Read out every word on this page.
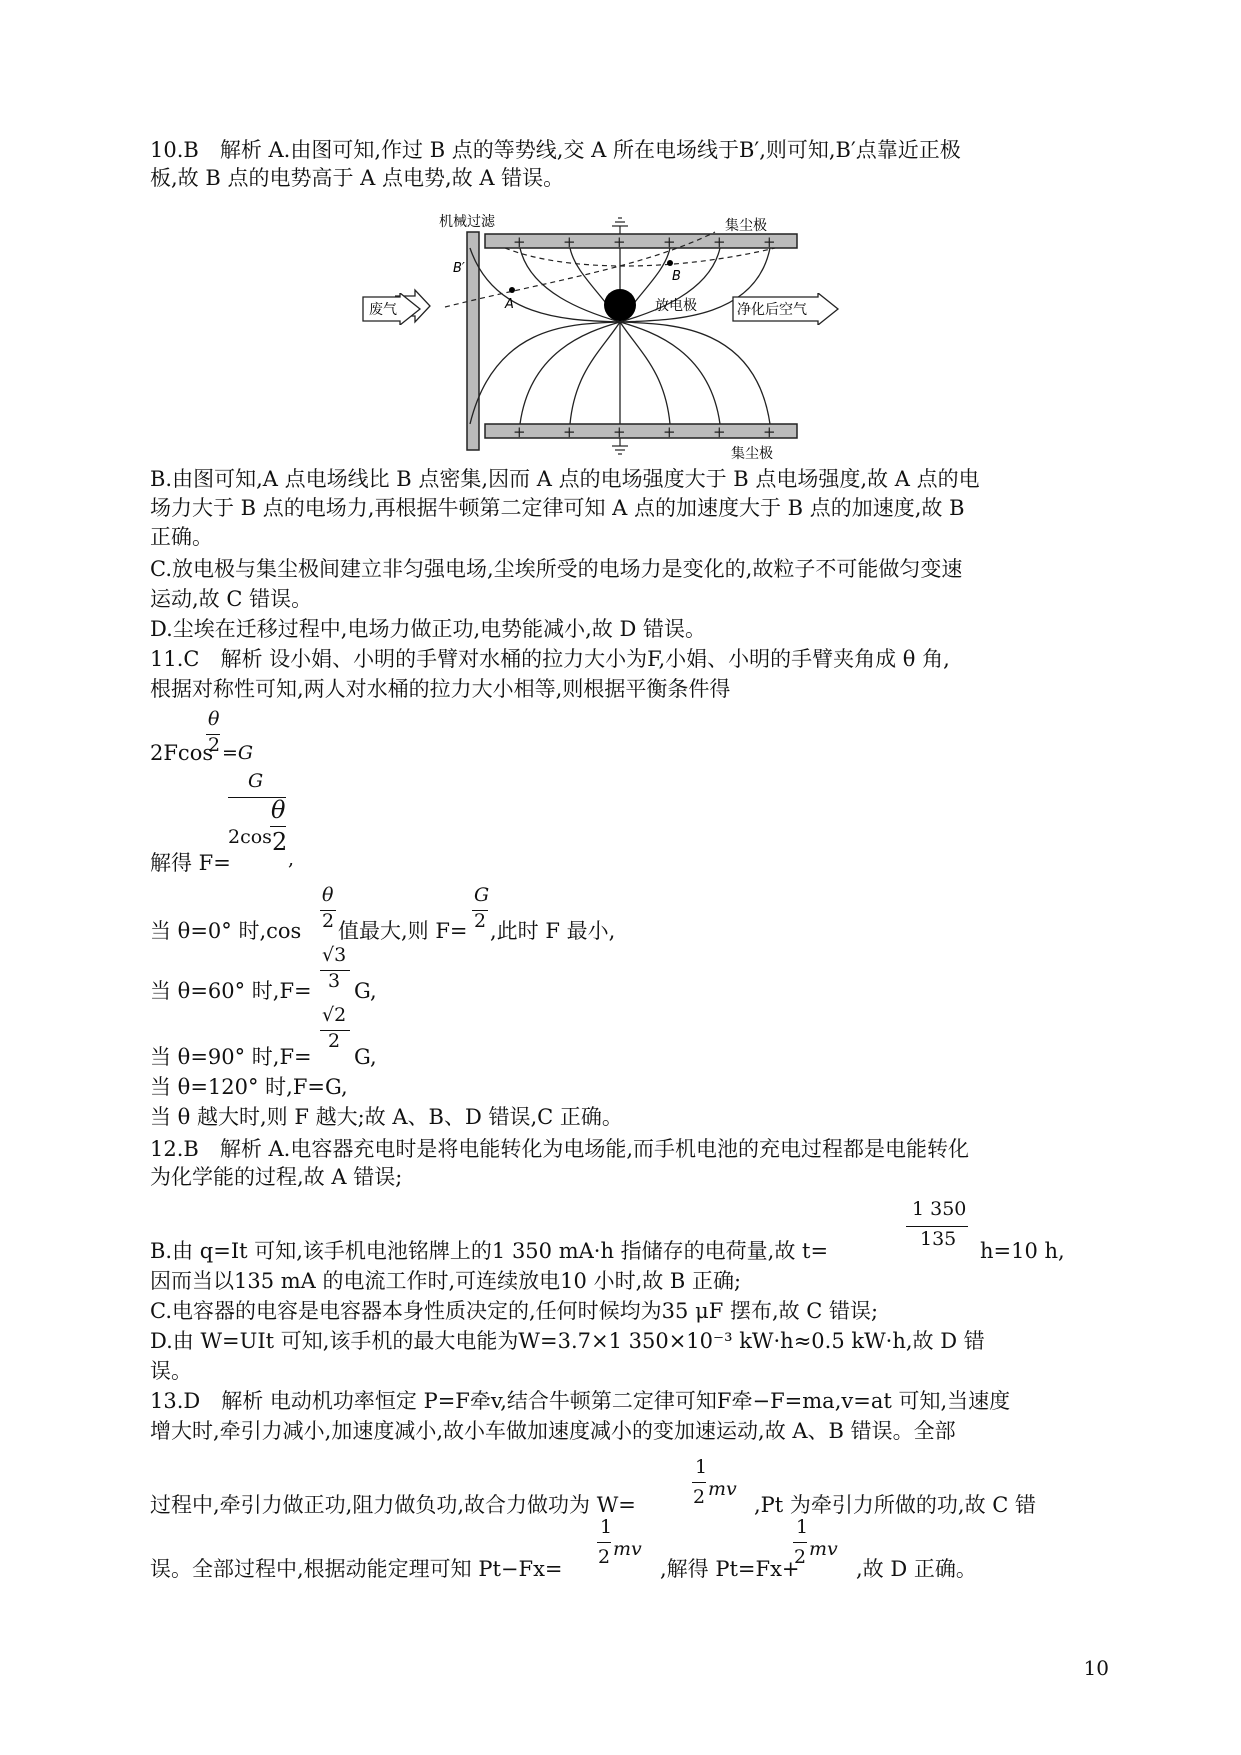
10.B　解析 A.由图可知,作过 B 点的等势线,交 A 所在电场线于B′,则可知,B′点靠近正极
板,故 B 点的电势高于 A 点电势,故 A 错误。
机械过滤
+ + + + + +
集尘极
+ + + + + +
集尘极
放电极
A
B
B′
废气	净化后空气
B.由图可知,A 点电场线比 B 点密集,因而 A 点的电场强度大于 B 点电场强度,故 A 点的电
场力大于 B 点的电场力,再根据牛顿第二定律可知 A 点的加速度大于 B 点的加速度,故 B
正确。
C.放电极与集尘极间建立非匀强电场,尘埃所受的电场力是变化的,故粒子不可能做匀变速
运动,故 C 错误。
D.尘埃在迁移过程中,电场力做正功,电势能减小,故 D 错误。
11.C　解析 设小娟、小明的手臂对水桶的拉力大小为F,小娟、小明的手臂夹角成 θ 角,
根据对称性可知,两人对水桶的拉力大小相等,则根据平衡条件得
θ
2Fcos
2 =G
G
θ
2cos 2
解得 F=	,
θ
2
G
2
当 θ=0° 时,cos 值最大,则 F= ,此时 F 最小,
√3
3
当 θ=60° 时,F= G,
√2
2
当 θ=90° 时,F= G,
当 θ=120° 时,F=G,
当 θ 越大时,则 F 越大;故 A、B、D 错误,C 正确。
12.B　解析 A.电容器充电时是将电能转化为电场能,而手机电池的充电过程都是电能转化
为化学能的过程,故 A 错误;
1 350
135
B.由 q=It 可知,该手机电池铭牌上的1 350 mA·h 指储存的电荷量,故 t=	h=10 h,
因而当以135 mA 的电流工作时,可连续放电10 小时,故 B 正确;
C.电容器的电容是电容器本身性质决定的,任何时候均为35 μF 摆布,故 C 错误;
D.由 W=UIt 可知,该手机的最大电能为W=3.7×1 350×10⁻³ kW·h≈0.5 kW·h,故 D 错
误。
13.D　解析 电动机功率恒定 P=F牵v,结合牛顿第二定律可知F牵−F=ma,v=at 可知,当速度
增大时,牵引力减小,加速度减小,故小车做加速度减小的变加速运动,故 A、B 错误。全部
1
2 mv
过程中,牵引力做正功,阻力做负功,故合力做功为 W=	,Pt 为牵引力所做的功,故 C 错
1
2 mv
1
2 mv
误。全部过程中,根据动能定理可知 Pt−Fx=	,解得 Pt=Fx+	,故 D 正确。
10
